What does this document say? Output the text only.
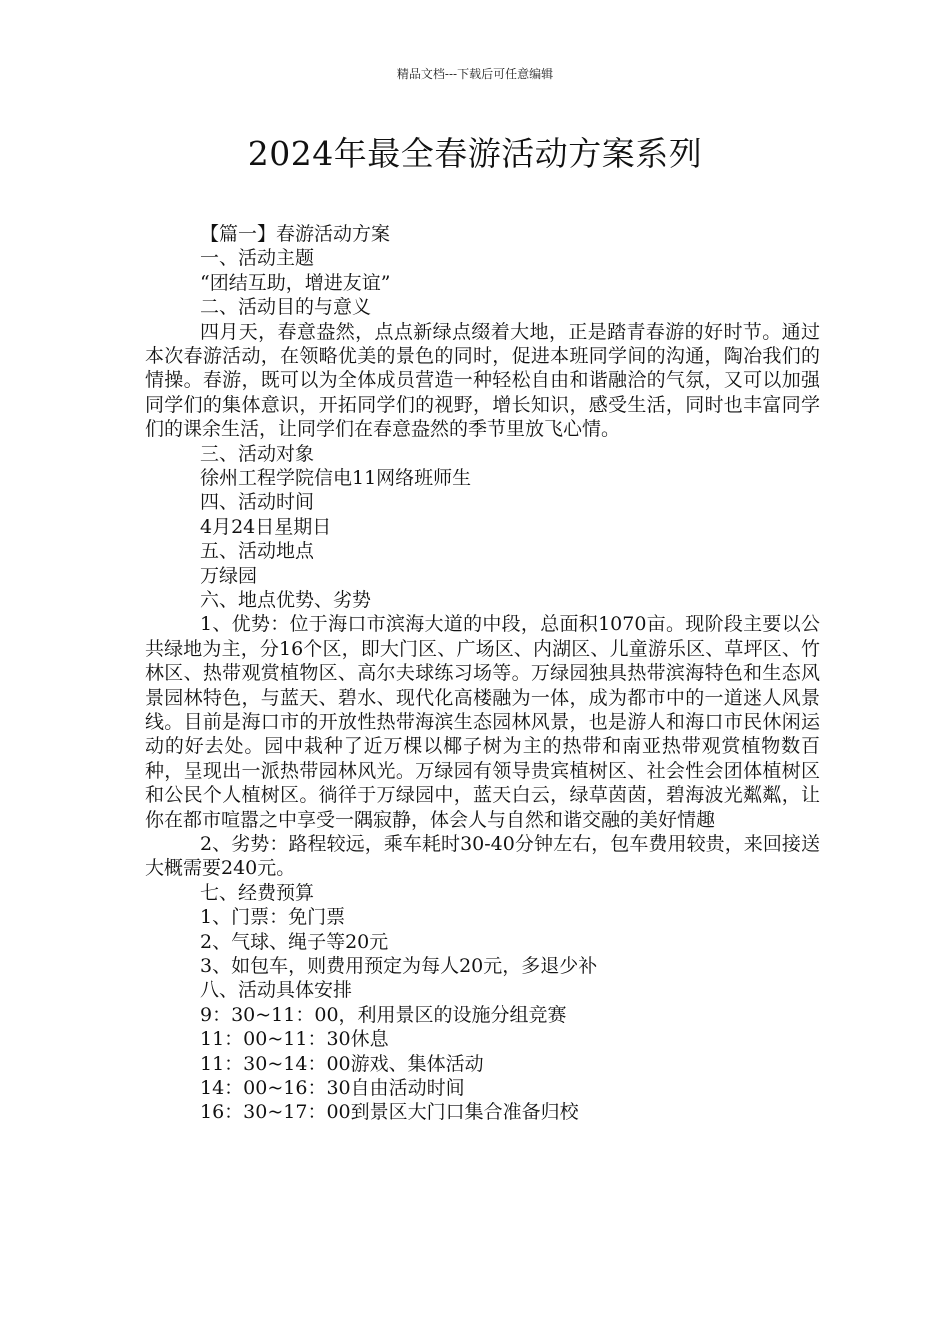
精品文档---下载后可任意编辑
2024年最全春游活动方案系列
【篇一】春游活动方案
一、活动主题
“团结互助，增进友谊”
二、活动目的与意义
四月天，春意盎然，点点新绿点缀着大地，正是踏青春游的好时节。通过本次春游活动，在领略优美的景色的同时，促进本班同学间的沟通，陶冶我们的情操。春游，既可以为全体成员营造一种轻松自由和谐融洽的气氛，又可以加强同学们的集体意识，开拓同学们的视野，增长知识，感受生活，同时也丰富同学们的课余生活，让同学们在春意盎然的季节里放飞心情。
三、活动对象
徐州工程学院信电11网络班师生
四、活动时间
4月24日星期日
五、活动地点
万绿园
六、地点优势、劣势
1、优势：位于海口市滨海大道的中段，总面积1070亩。现阶段主要以公共绿地为主，分16个区，即大门区、广场区、内湖区、儿童游乐区、草坪区、竹林区、热带观赏植物区、高尔夫球练习场等。万绿园独具热带滨海特色和生态风景园林特色，与蓝天、碧水、现代化高楼融为一体，成为都市中的一道迷人风景线。目前是海口市的开放性热带海滨生态园林风景，也是游人和海口市民休闲运动的好去处。园中栽种了近万棵以椰子树为主的热带和南亚热带观赏植物数百种，呈现出一派热带园林风光。万绿园有领导贵宾植树区、社会性会团体植树区和公民个人植树区。徜徉于万绿园中，蓝天白云，绿草茵茵，碧海波光粼粼，让你在都市喧嚣之中享受一隅寂静，体会人与自然和谐交融的美好情趣
2、劣势：路程较远，乘车耗时30-40分钟左右，包车费用较贵，来回接送大概需要240元。
七、经费预算
1、门票：免门票
2、气球、绳子等20元
3、如包车，则费用预定为每人20元，多退少补
八、活动具体安排
9：30~11：00，利用景区的设施分组竞赛
11：00~11：30休息
11：30~14：00游戏、集体活动
14：00~16：30自由活动时间
16：30~17：00到景区大门口集合准备归校
